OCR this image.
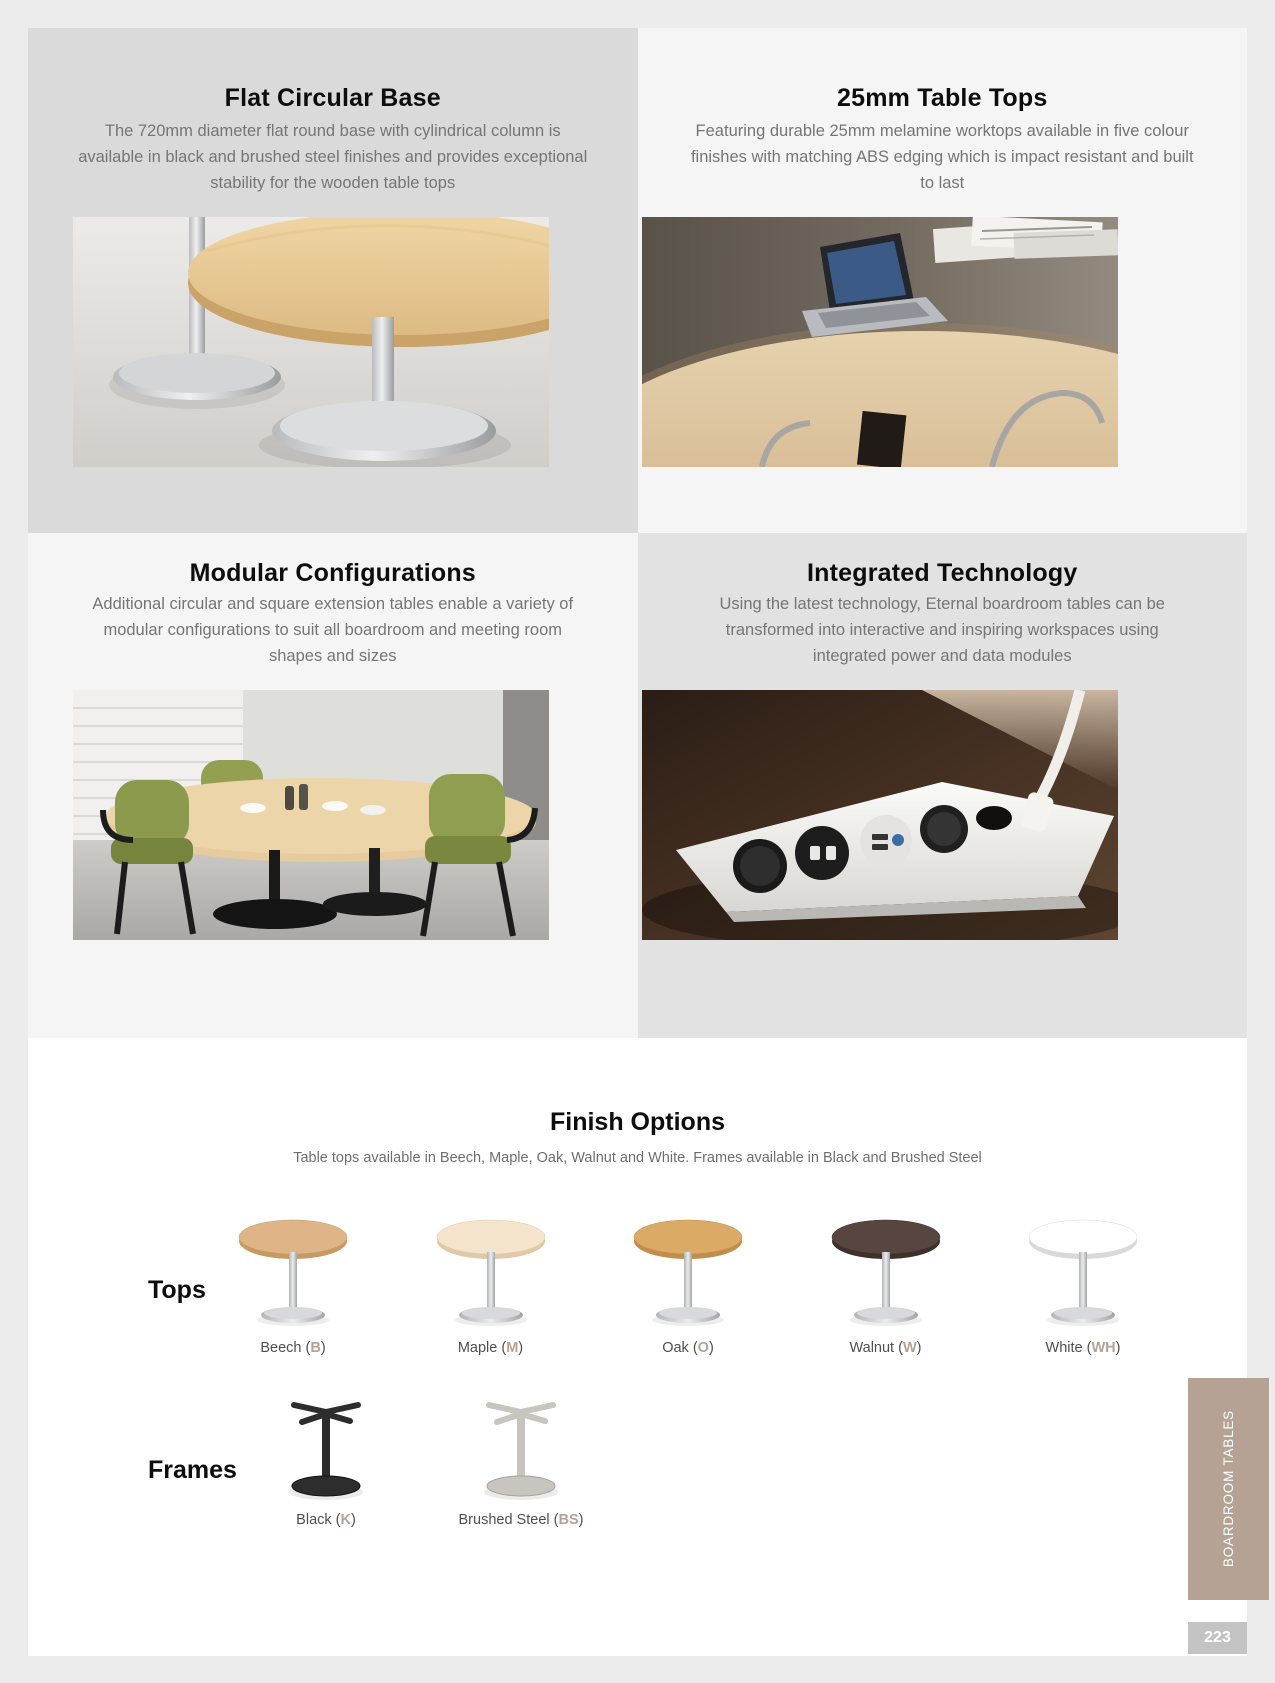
Flat Circular Base

The 720mm diameter flat round base with cylindrical column is available in black and brushed steel finishes and provides exceptional stability for the wooden table tops

25mm Table Tops

Featuring durable 25mm melamine worktops available in five colour finishes with matching ABS edging which is impact resistant and built to last

Modular Configurations

Additional circular and square extension tables enable a variety of modular configurations to suit all boardroom and meeting room shapes and sizes

Integrated Technology

Using the latest technology, Eternal boardroom tables can be transformed into interactive and inspiring workspaces using integrated power and data modules

Finish Options

Table tops available in Beech, Maple, Oak, Walnut and White. Frames available in Black and Brushed Steel

Tops
Beech (B)	Maple (M)	Oak (O)	Walnut (W)	White (WH)
Frames
Black (K)	Brushed Steel (BS)	BOARDROOM TABLES
223
